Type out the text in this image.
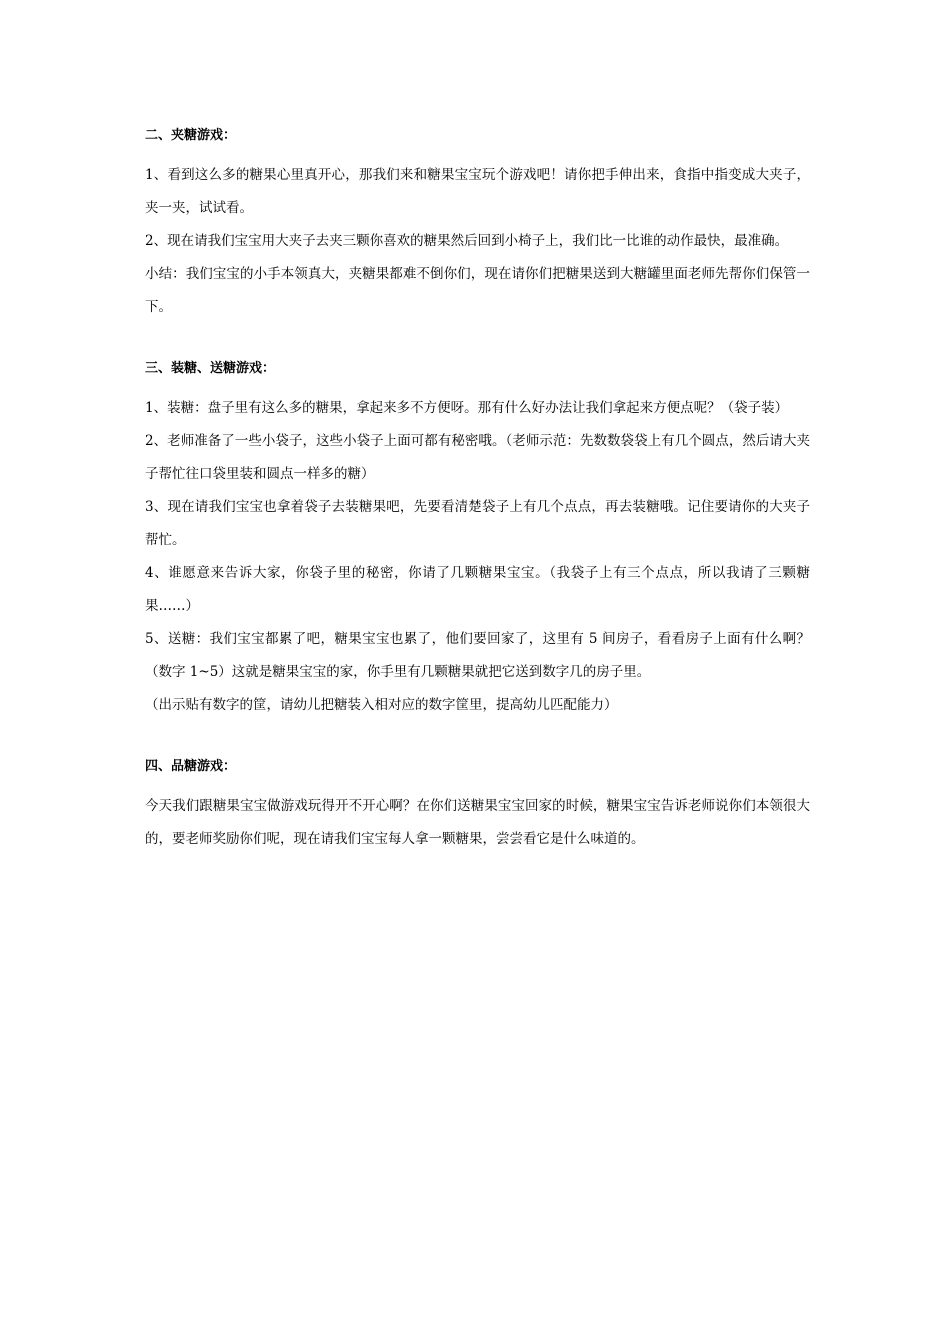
二、夹糖游戏：

1、看到这么多的糖果心里真开心，那我们来和糖果宝宝玩个游戏吧！请你把手伸出来，食指中指变成大夹子，夹一夹，试试看。

2、现在请我们宝宝用大夹子去夹三颗你喜欢的糖果然后回到小椅子上，我们比一比谁的动作最快，最准确。

小结：我们宝宝的小手本领真大，夹糖果都难不倒你们，现在请你们把糖果送到大糖罐里面老师先帮你们保管一下。

三、装糖、送糖游戏：

1、装糖：盘子里有这么多的糖果，拿起来多不方便呀。那有什么好办法让我们拿起来方便点呢？（袋子装）

2、老师准备了一些小袋子，这些小袋子上面可都有秘密哦。（老师示范：先数数袋袋上有几个圆点，然后请大夹子帮忙往口袋里装和圆点一样多的糖）

3、现在请我们宝宝也拿着袋子去装糖果吧，先要看清楚袋子上有几个点点，再去装糖哦。记住要请你的大夹子帮忙。

4、谁愿意来告诉大家，你袋子里的秘密，你请了几颗糖果宝宝。（我袋子上有三个点点，所以我请了三颗糖果……）

5、送糖：我们宝宝都累了吧，糖果宝宝也累了，他们要回家了，这里有 5 间房子，看看房子上面有什么啊？（数字 1~5）这就是糖果宝宝的家，你手里有几颗糖果就把它送到数字几的房子里。

（出示贴有数字的筐，请幼儿把糖装入相对应的数字筐里，提高幼儿匹配能力）

四、品糖游戏：

今天我们跟糖果宝宝做游戏玩得开不开心啊？在你们送糖果宝宝回家的时候，糖果宝宝告诉老师说你们本领很大的，要老师奖励你们呢，现在请我们宝宝每人拿一颗糖果，尝尝看它是什么味道的。
